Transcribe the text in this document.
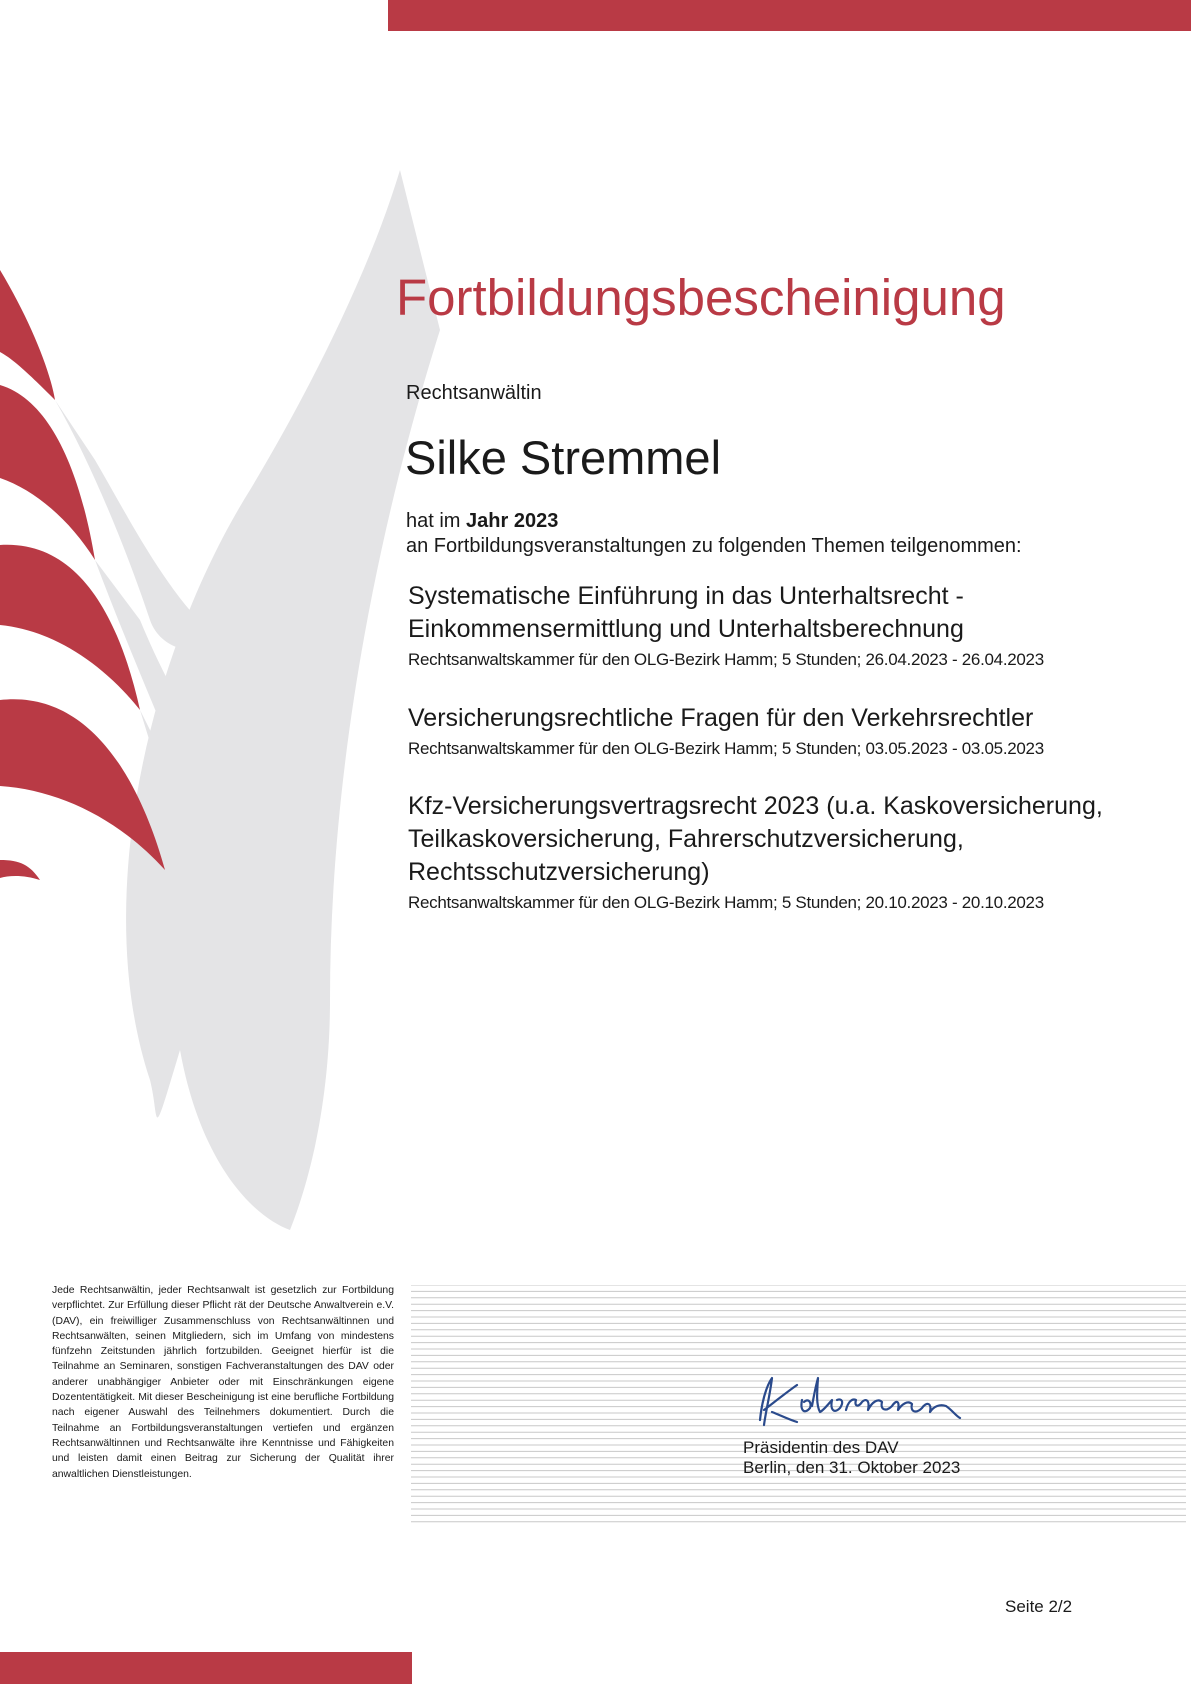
Fortbildungsbescheinigung
Rechtsanwältin
Silke Stremmel
hat im Jahr 2023
an Fortbildungsveranstaltungen zu folgenden Themen teilgenommen:
Systematische Einführung in das Unterhaltsrecht - Einkommensermittlung und Unterhaltsberechnung
Rechtsanwaltskammer für den OLG-Bezirk Hamm; 5 Stunden; 26.04.2023 - 26.04.2023
Versicherungsrechtliche Fragen für den Verkehrsrechtler
Rechtsanwaltskammer für den OLG-Bezirk Hamm; 5 Stunden; 03.05.2023 - 03.05.2023
Kfz-Versicherungsvertragsrecht 2023 (u.a. Kaskoversicherung, Teilkaskoversicherung, Fahrerschutzversicherung, Rechtsschutzversicherung)
Rechtsanwaltskammer für den OLG-Bezirk Hamm; 5 Stunden; 20.10.2023 - 20.10.2023
Jede Rechtsanwältin, jeder Rechtsanwalt ist gesetzlich zur Fortbildung verpflichtet. Zur Erfüllung dieser Pflicht rät der Deutsche Anwaltverein e.V. (DAV), ein freiwilliger Zusammenschluss von Rechtsanwältinnen und Rechtsanwälten, seinen Mitgliedern, sich im Umfang von mindestens fünfzehn Zeitstunden jährlich fortzubilden. Geeignet hierfür ist die Teilnahme an Seminaren, sonstigen Fachveranstaltungen des DAV oder anderer unabhängiger Anbieter oder mit Einschränkungen eigene Dozententätigkeit. Mit dieser Bescheinigung ist eine berufliche Fortbildung nach eigener Auswahl des Teilnehmers dokumentiert. Durch die Teilnahme an Fortbildungsveranstaltungen vertiefen und ergänzen Rechtsanwältinnen und Rechtsanwälte ihre Kenntnisse und Fähigkeiten und leisten damit einen Beitrag zur Sicherung der Qualität ihrer anwaltlichen Dienstleistungen.
Präsidentin des DAV
Berlin, den 31. Oktober 2023
Seite 2/2
